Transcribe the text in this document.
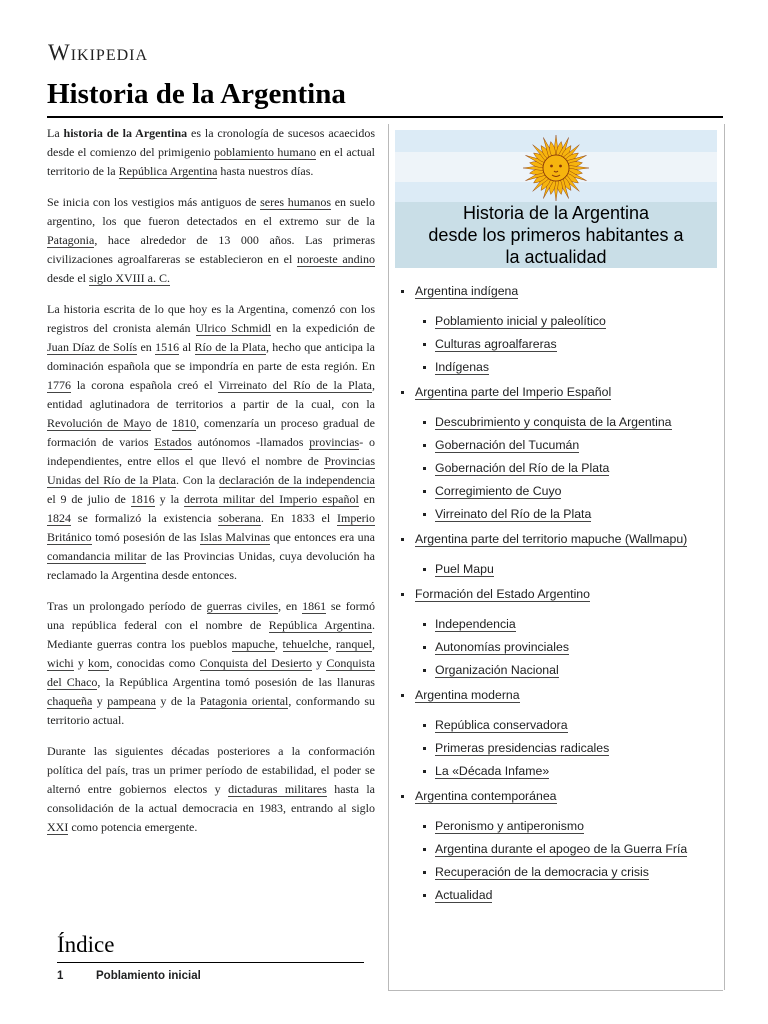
Wikipedia
Historia de la Argentina

La historia de la Argentina es la cronología de sucesos acaecidos desde el comienzo del primigenio poblamiento humano en el actual territorio de la República Argentina hasta nuestros días.

Se inicia con los vestigios más antiguos de seres humanos en suelo argentino, los que fueron detectados en el extremo sur de la Patagonia, hace alrededor de 13 000 años. Las primeras civilizaciones agroalfareras se establecieron en el noroeste andino desde el siglo XVIII a. C.

La historia escrita de lo que hoy es la Argentina, comenzó con los registros del cronista alemán Ulrico Schmidl en la expedición de Juan Díaz de Solís en 1516 al Río de la Plata, hecho que anticipa la dominación española que se impondría en parte de esta región. En 1776 la corona española creó el Virreinato del Río de la Plata, entidad aglutinadora de territorios a partir de la cual, con la Revolución de Mayo de 1810, comenzaría un proceso gradual de formación de varios Estados autónomos -llamados provincias- o independientes, entre ellos el que llevó el nombre de Provincias Unidas del Río de la Plata. Con la declaración de la independencia el 9 de julio de 1816 y la derrota militar del Imperio español en 1824 se formalizó la existencia soberana. En 1833 el Imperio Británico tomó posesión de las Islas Malvinas que entonces era una comandancia militar de las Provincias Unidas, cuya devolución ha reclamado la Argentina desde entonces.

Tras un prolongado período de guerras civiles, en 1861 se formó una república federal con el nombre de República Argentina. Mediante guerras contra los pueblos mapuche, tehuelche, ranquel, wichi y kom, conocidas como Conquista del Desierto y Conquista del Chaco, la República Argentina tomó posesión de las llanuras chaqueña y pampeana y de la Patagonia oriental, conformando su territorio actual.

Durante las siguientes décadas posteriores a la conformación política del país, tras un primer período de estabilidad, el poder se alternó entre gobiernos electos y dictaduras militares hasta la consolidación de la actual democracia en 1983, entrando al siglo XXI como potencia emergente.

Historia de la Argentina
desde los primeros habitantes a
la actualidad
Argentina indígena
Poblamiento inicial y paleolítico
Culturas agroalfareras
Indígenas
Argentina parte del Imperio Español
Descubrimiento y conquista de la Argentina
Gobernación del Tucumán
Gobernación del Río de la Plata
Corregimiento de Cuyo
Virreinato del Río de la Plata
Argentina parte del territorio mapuche (Wallmapu)
Puel Mapu
Formación del Estado Argentino
Independencia
Autonomías provinciales
Organización Nacional
Argentina moderna
República conservadora
Primeras presidencias radicales
La «Década Infame»
Argentina contemporánea
Peronismo y antiperonismo
Argentina durante el apogeo de la Guerra Fría
Recuperación de la democracia y crisis
Actualidad
Índice
1	Poblamiento inicial
